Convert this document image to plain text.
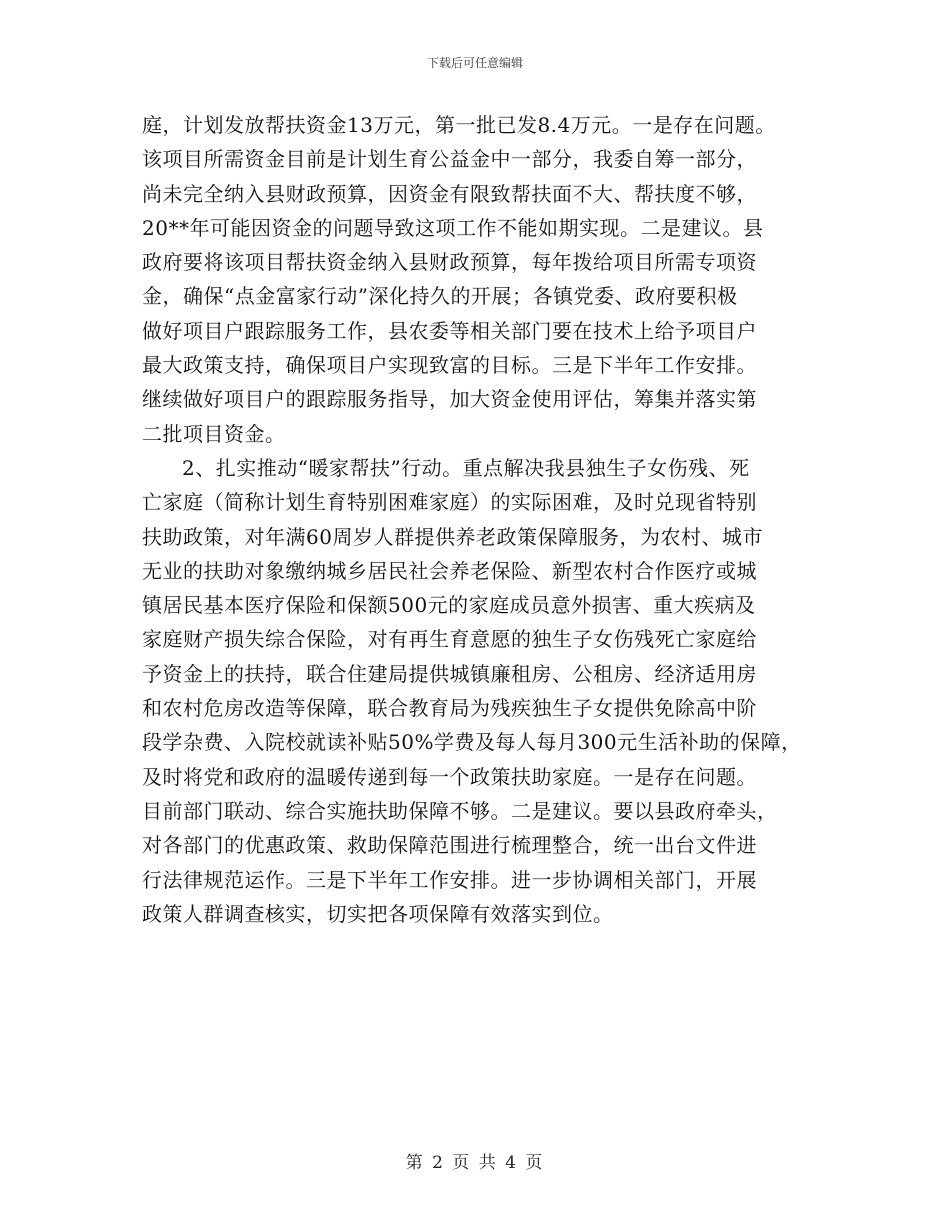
下载后可任意编辑
庭，计划发放帮扶资金13万元，第一批已发8.4万元。一是存在问题。
该项目所需资金目前是计划生育公益金中一部分，我委自筹一部分，
尚未完全纳入县财政预算，因资金有限致帮扶面不大、帮扶度不够，
20**年可能因资金的问题导致这项工作不能如期实现。二是建议。县
政府要将该项目帮扶资金纳入县财政预算，每年拨给项目所需专项资
金，确保“点金富家行动”深化持久的开展；各镇党委、政府要积极
做好项目户跟踪服务工作，县农委等相关部门要在技术上给予项目户
最大政策支持，确保项目户实现致富的目标。三是下半年工作安排。
继续做好项目户的跟踪服务指导，加大资金使用评估，筹集并落实第
二批项目资金。
2、扎实推动“暖家帮扶”行动。重点解决我县独生子女伤残、死
亡家庭（简称计划生育特别困难家庭）的实际困难，及时兑现省特别
扶助政策，对年满60周岁人群提供养老政策保障服务，为农村、城市
无业的扶助对象缴纳城乡居民社会养老保险、新型农村合作医疗或城
镇居民基本医疗保险和保额500元的家庭成员意外损害、重大疾病及
家庭财产损失综合保险，对有再生育意愿的独生子女伤残死亡家庭给
予资金上的扶持，联合住建局提供城镇廉租房、公租房、经济适用房
和农村危房改造等保障，联合教育局为残疾独生子女提供免除高中阶
段学杂费、入院校就读补贴50%学费及每人每月300元生活补助的保障，
及时将党和政府的温暖传递到每一个政策扶助家庭。一是存在问题。
目前部门联动、综合实施扶助保障不够。二是建议。要以县政府牵头，
对各部门的优惠政策、救助保障范围进行梳理整合，统一出台文件进
行法律规范运作。三是下半年工作安排。进一步协调相关部门，开展
政策人群调查核实，切实把各项保障有效落实到位。
第 2 页 共 4 页
